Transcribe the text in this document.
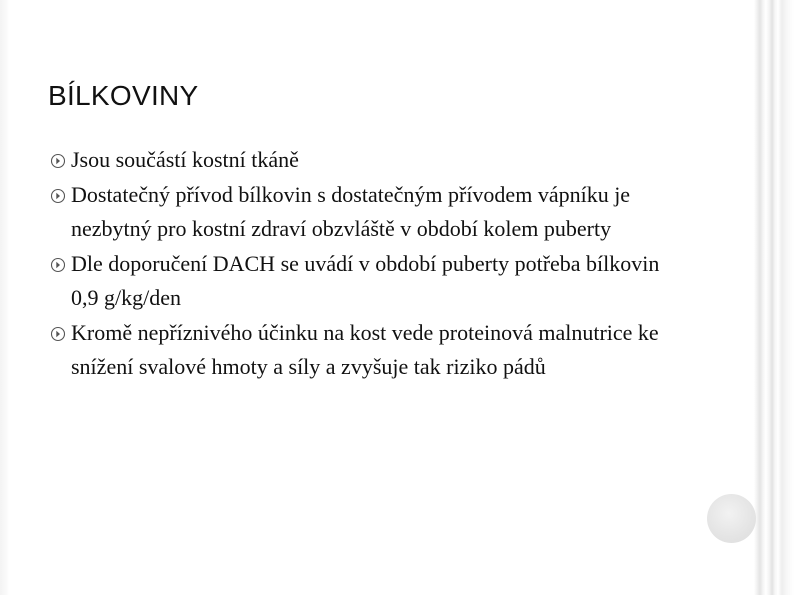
BÍLKOVINY
Jsou součástí kostní tkáně
Dostatečný přívod bílkovin s dostatečným přívodem vápníku je nezbytný pro kostní zdraví obzvláště v období kolem puberty
Dle doporučení DACH se uvádí v období puberty potřeba bílkovin 0,9 g/kg/den
Kromě nepříznivého účinku na kost vede proteinová malnutrice ke snížení svalové hmoty a síly a zvyšuje tak riziko pádů
